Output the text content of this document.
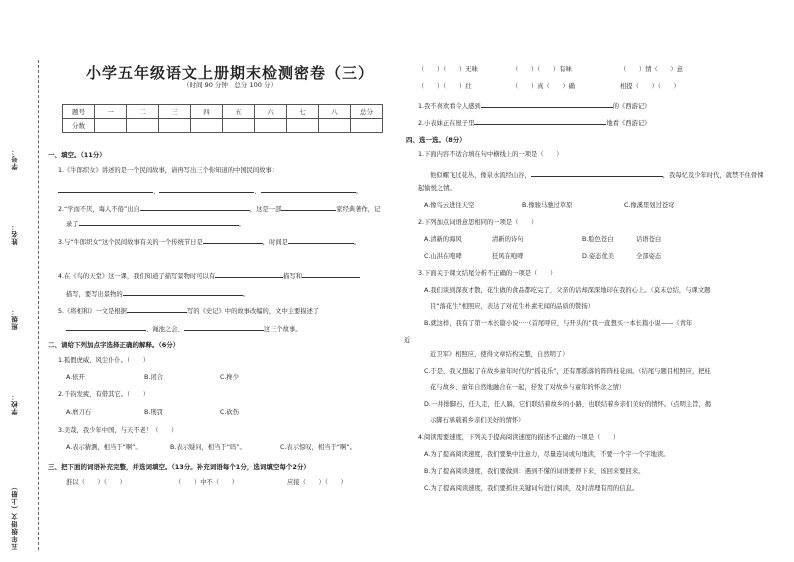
学号：
姓名：
班级：
学校：
五年级语文（上册）
小学五年级语文上册期末检测密卷（三）
（时间 90 分钟　总分 100 分）
题号	一	二	三	四	五	六	七	八	总分
分数									
一、填空。（11分）
1.《牛郎织女》讲述的是一个民间故事，请再写出三个你知道的中国民间故事：
、	、	。
2.“学而不厌，诲人不倦”出自	，这是一部	家经典著作，记
录了	。
3.与“牛郎织女”这个民间故事有关的一个传统节日是	，时间是	。
4.在《鸟的天堂》这一课，我们知道了描写景物时可以有	描写和
描写，要写出景物的	。
5.《将相和》一文是根据	写的《史记》中的故事改编的，文中主要描述了
、渑池之会、	这三个故事。
二、请给下列加点字选择正确的解释。（6分）
1.狐假虎威，风尘仆仆。（　　）
A.依开	B.闭合	C.搀少
2.千钧发疲，有借其它。（　　）
A.磨刀石	B.刑罚	C.砍伤
3.美哉，我少年中国，与天不老！（　　）
A.表示猜测，相当于“啊”。	B.表示疑问，相当于“吗”。	C.表示惊叹，相当于“啊”。
三、把下面的词语补充完整，并选词填空。（13分。补充词语每个1分，选词填空每个2分）
淮以（　　）（　　）	（　　）中不（　　）	应接（　　）（　　）
（　　）（　　）无味	（　　）（　　）有味	（　　）情（　　）意
（　　）（　　）壮	（　　）真（　　）确	相提（　　）（　　）
1.我不喜欢看令人感到	的《西游记》
2.小表妹正在屋子里	地看《西游记》
四、选一选。（8分）
1.下面内容不适合填在句中横线上的一项是（　　）
他似螺飞过花丛，像泉水流经山谷，	，我每忆及少年时代，就禁不住骨悚
起愉悦之情。
A.像鸟云进往天空	B.像骏马驰过草原	C.像溪里划过苍穹
2.下列加点词语意思相同的一项是（　　）
A.清新的海风	清新的诗句	B.脸色苍白	话语苍白
C.山洪在咆哮	狂风在咆哮	D.姿态优美	全部姿态
3.下面关于课文结尾分析不正确的一项是（　　）
A.我们谈到深夜才散，花生做的食品都吃完了，父亲的话却深深地印在我的心上。（莫末总结，与课文题
目“落花生”相照应，表达了对花生朴素无闻的品质的赞扬）
B.就这样，我有了第一本长篇小说·····（首尾呼应，与开头的“我一直想买一本长篇小说——《青年
近
近卫军》相照应，使得文章结构完整，自然明了）
C.于是，我又想起了在故乡童年时代的“摇花乐”，还有那摇落的阵阵桂花雨。（结尾与题目相照应，把桂
花与故乡、童年自然地融合在一起，抒发了对故乡与童年的怀念之情）
D.一井排脚石，任人走，任人躺，它们联结着故乡的小路，也联结着乡亲们美好的情怀。（点明主旨，揭
示脚石承载着乡亲们美好的情怀）
4.阅读需要速度，下列关于提高阅读速度的描述不正确的一项是（　　）
A.为了提高阅读速度，我们要集中注意力，尽量连词或句地读，不要一个字一个字地读。
B.为了提高阅读速度，我们要做到：遇到不懂的词语要停下来，该回来要回来。
C.为了提高阅读速度，我们要抓住关键词句进行阅读，及时清理有用的信息。
